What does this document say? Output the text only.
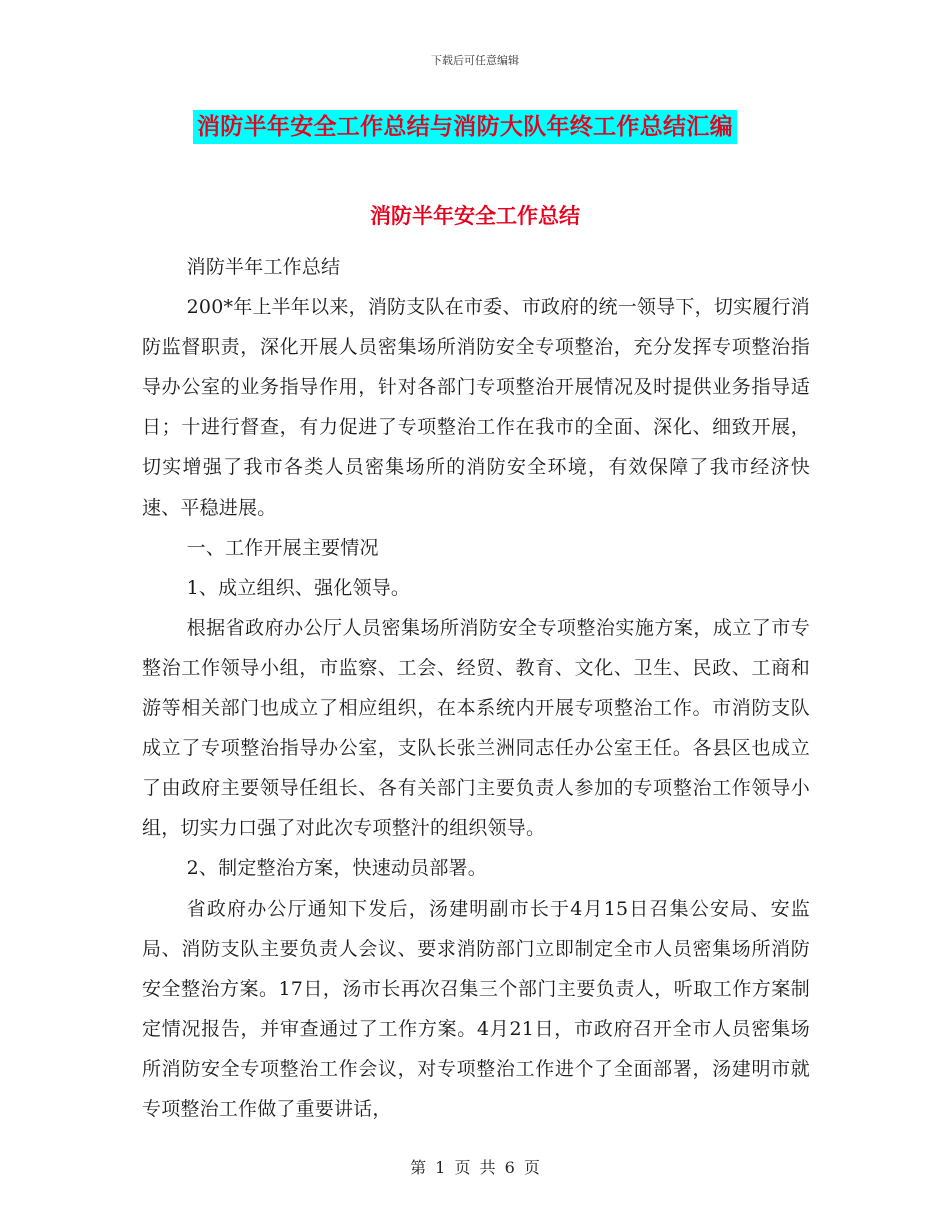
下载后可任意编辑
消防半年安全工作总结与消防大队年终工作总结汇编
消防半年安全工作总结

消防半年工作总结

200*年上半年以来，消防支队在市委、市政府的统一领导下，切实履行消防监督职责，深化开展人员密集场所消防安全专项整治，充分发挥专项整治指导办公室的业务指导作用，针对各部门专项整治开展情况及时提供业务指导适日；十进行督查，有力促进了专项整治工作在我市的全面、深化、细致开展，切实增强了我市各类人员密集场所的消防安全环境，有效保障了我市经济快速、平稳进展。

一、工作开展主要情况

1、成立组织、强化领导。

根据省政府办公厅人员密集场所消防安全专项整治实施方案，成立了市专整治工作领导小组，市监察、工会、经贸、教育、文化、卫生、民政、工商和游等相关部门也成立了相应组织，在本系统内开展专项整治工作。市消防支队成立了专项整治指导办公室，支队长张兰洲同志任办公室王任。各县区也成立了由政府主要领导任组长、各有关部门主要负责人参加的专项整治工作领导小组，切实力口强了对此次专项整汁的组织领导。

2、制定整治方案，快速动员部署。

省政府办公厅通知下发后，汤建明副市长于4月15日召集公安局、安监局、消防支队主要负责人会议、要求消防部门立即制定全市人员密集场所消防安全整治方案。17日，汤市长再次召集三个部门主要负责人，听取工作方案制定情况报告，并审查通过了工作方案。4月21日，市政府召开全市人员密集场所消防安全专项整治工作会议，对专项整治工作进个了全面部署，汤建明市就专项整治工作做了重要讲话，

第 1 页 共 6 页
